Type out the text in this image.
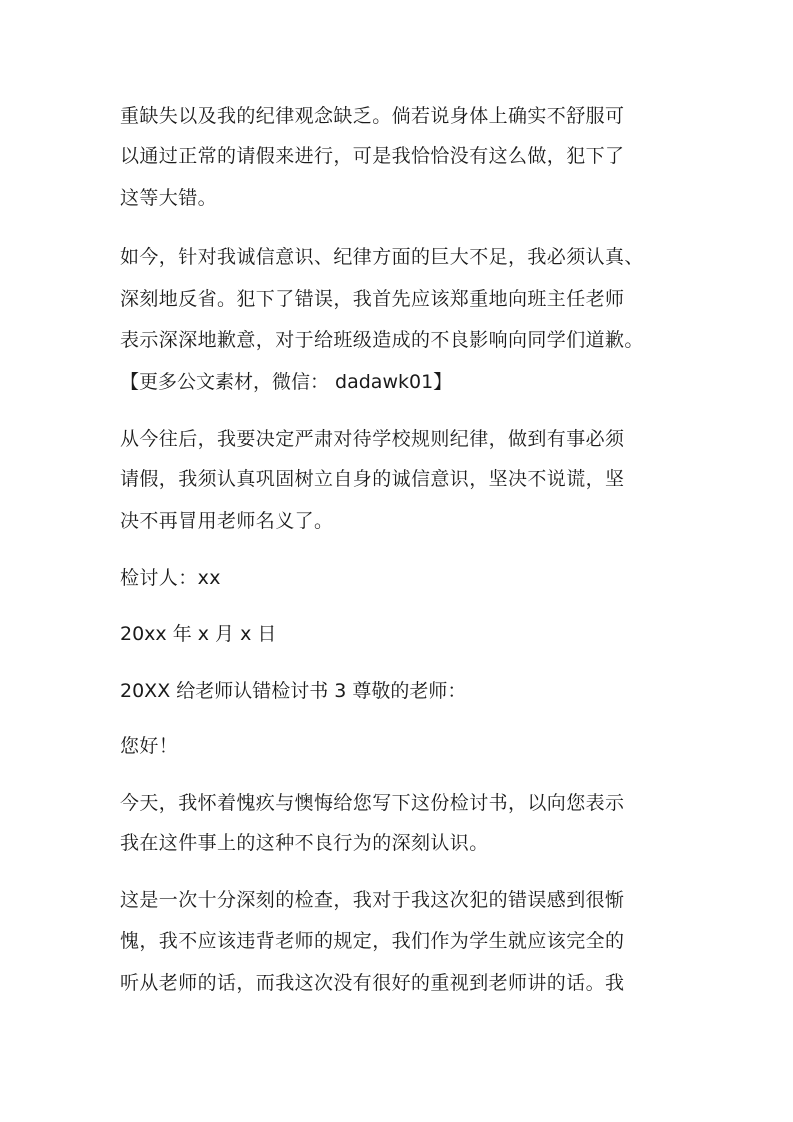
重缺失以及我的纪律观念缺乏。倘若说身体上确实不舒服可
以通过正常的请假来进行，可是我恰恰没有这么做，犯下了
这等大错。
如今，针对我诚信意识、纪律方面的巨大不足，我必须认真、
深刻地反省。犯下了错误，我首先应该郑重地向班主任老师
表示深深地歉意，对于给班级造成的不良影响向同学们道歉。
【更多公文素材，微信： dadawk01】
从今往后，我要决定严肃对待学校规则纪律，做到有事必须
请假，我须认真巩固树立自身的诚信意识，坚决不说谎，坚
决不再冒用老师名义了。
检讨人：xx
20xx 年 x 月 x 日
20XX 给老师认错检讨书 3 尊敬的老师：
您好！
今天，我怀着愧疚与懊悔给您写下这份检讨书，以向您表示
我在这件事上的这种不良行为的深刻认识。
这是一次十分深刻的检查，我对于我这次犯的错误感到很惭
愧，我不应该违背老师的规定，我们作为学生就应该完全的
听从老师的话，而我这次没有很好的重视到老师讲的话。我
